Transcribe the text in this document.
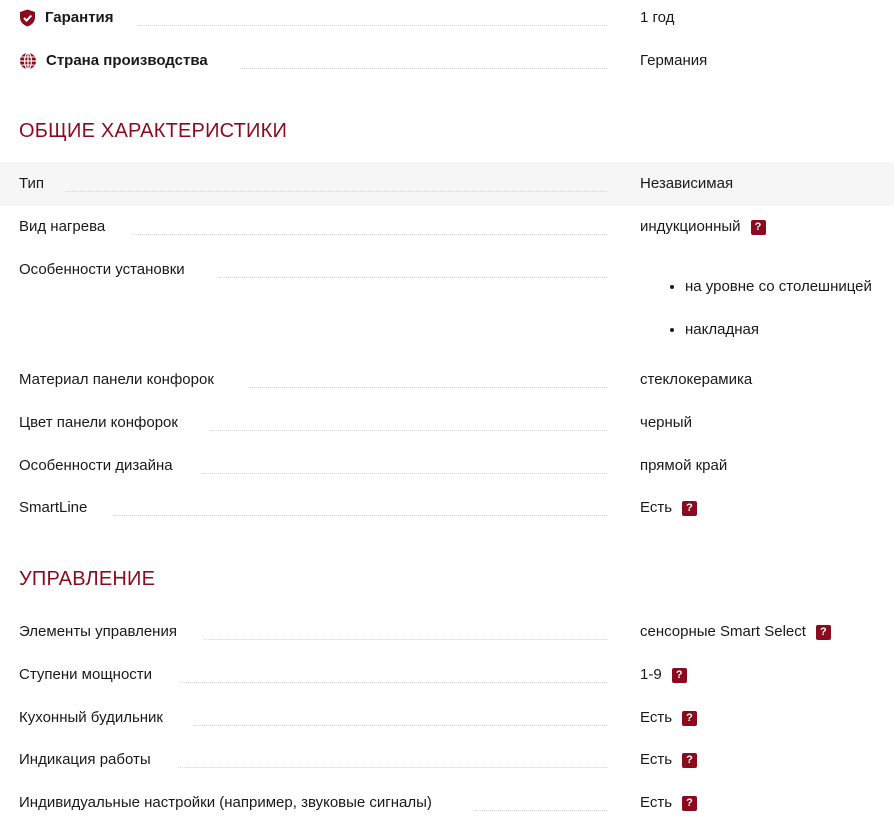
Гарантия	1 год
Страна производства	Германия
ОБЩИЕ ХАРАКТЕРИСТИКИ
Тип	Независимая
Вид нагрева	индукционный	?
Особенности установки
• на уровне со столешницей
• накладная
Материал панели конфорок	стеклокерамика
Цвет панели конфорок	черный
Особенности дизайна	прямой край
SmartLine	Есть	?
УПРАВЛЕНИЕ
Элементы управления	сенсорные Smart Select	?
Ступени мощности	1-9	?
Кухонный будильник	Есть	?
Индикация работы	Есть	?
Индивидуальные настройки (например, звуковые сигналы)	Есть	?
